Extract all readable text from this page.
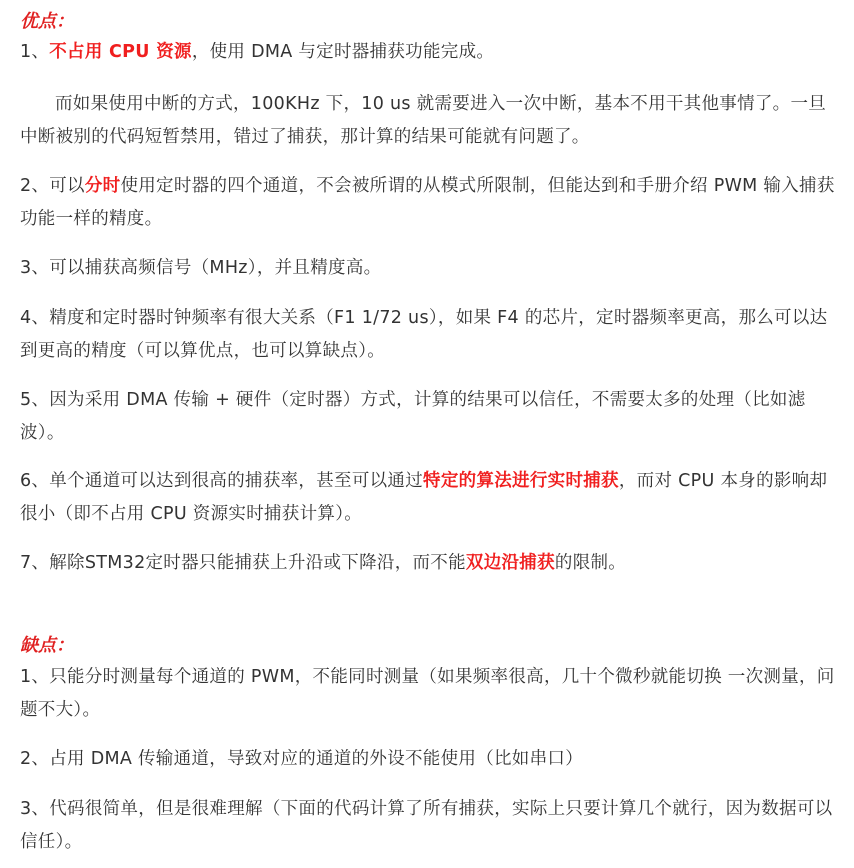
优点：
1、不占用 CPU 资源，使用 DMA 与定时器捕获功能完成。
而如果使用中断的方式，100KHz 下，10 us 就需要进入一次中断，基本不用干其他事情了。一旦中断被别的代码短暂禁用，错过了捕获，那计算的结果可能就有问题了。
2、可以分时使用定时器的四个通道，不会被所谓的从模式所限制，但能达到和手册介绍 PWM 输入捕获功能一样的精度。
3、可以捕获高频信号（MHz），并且精度高。
4、精度和定时器时钟频率有很大关系（F1 1/72 us），如果 F4 的芯片，定时器频率更高，那么可以达到更高的精度（可以算优点，也可以算缺点）。
5、因为采用 DMA 传输 + 硬件（定时器）方式，计算的结果可以信任，不需要太多的处理（比如滤波）。
6、单个通道可以达到很高的捕获率，甚至可以通过特定的算法进行实时捕获，而对 CPU 本身的影响却很小（即不占用 CPU 资源实时捕获计算）。
7、解除STM32定时器只能捕获上升沿或下降沿，而不能双边沿捕获的限制。
缺点：
1、只能分时测量每个通道的 PWM，不能同时测量（如果频率很高，几十个微秒就能切换 一次测量，问题不大）。
2、占用 DMA 传输通道，导致对应的通道的外设不能使用（比如串口）
3、代码很简单，但是很难理解（下面的代码计算了所有捕获，实际上只要计算几个就行，因为数据可以信任）。
